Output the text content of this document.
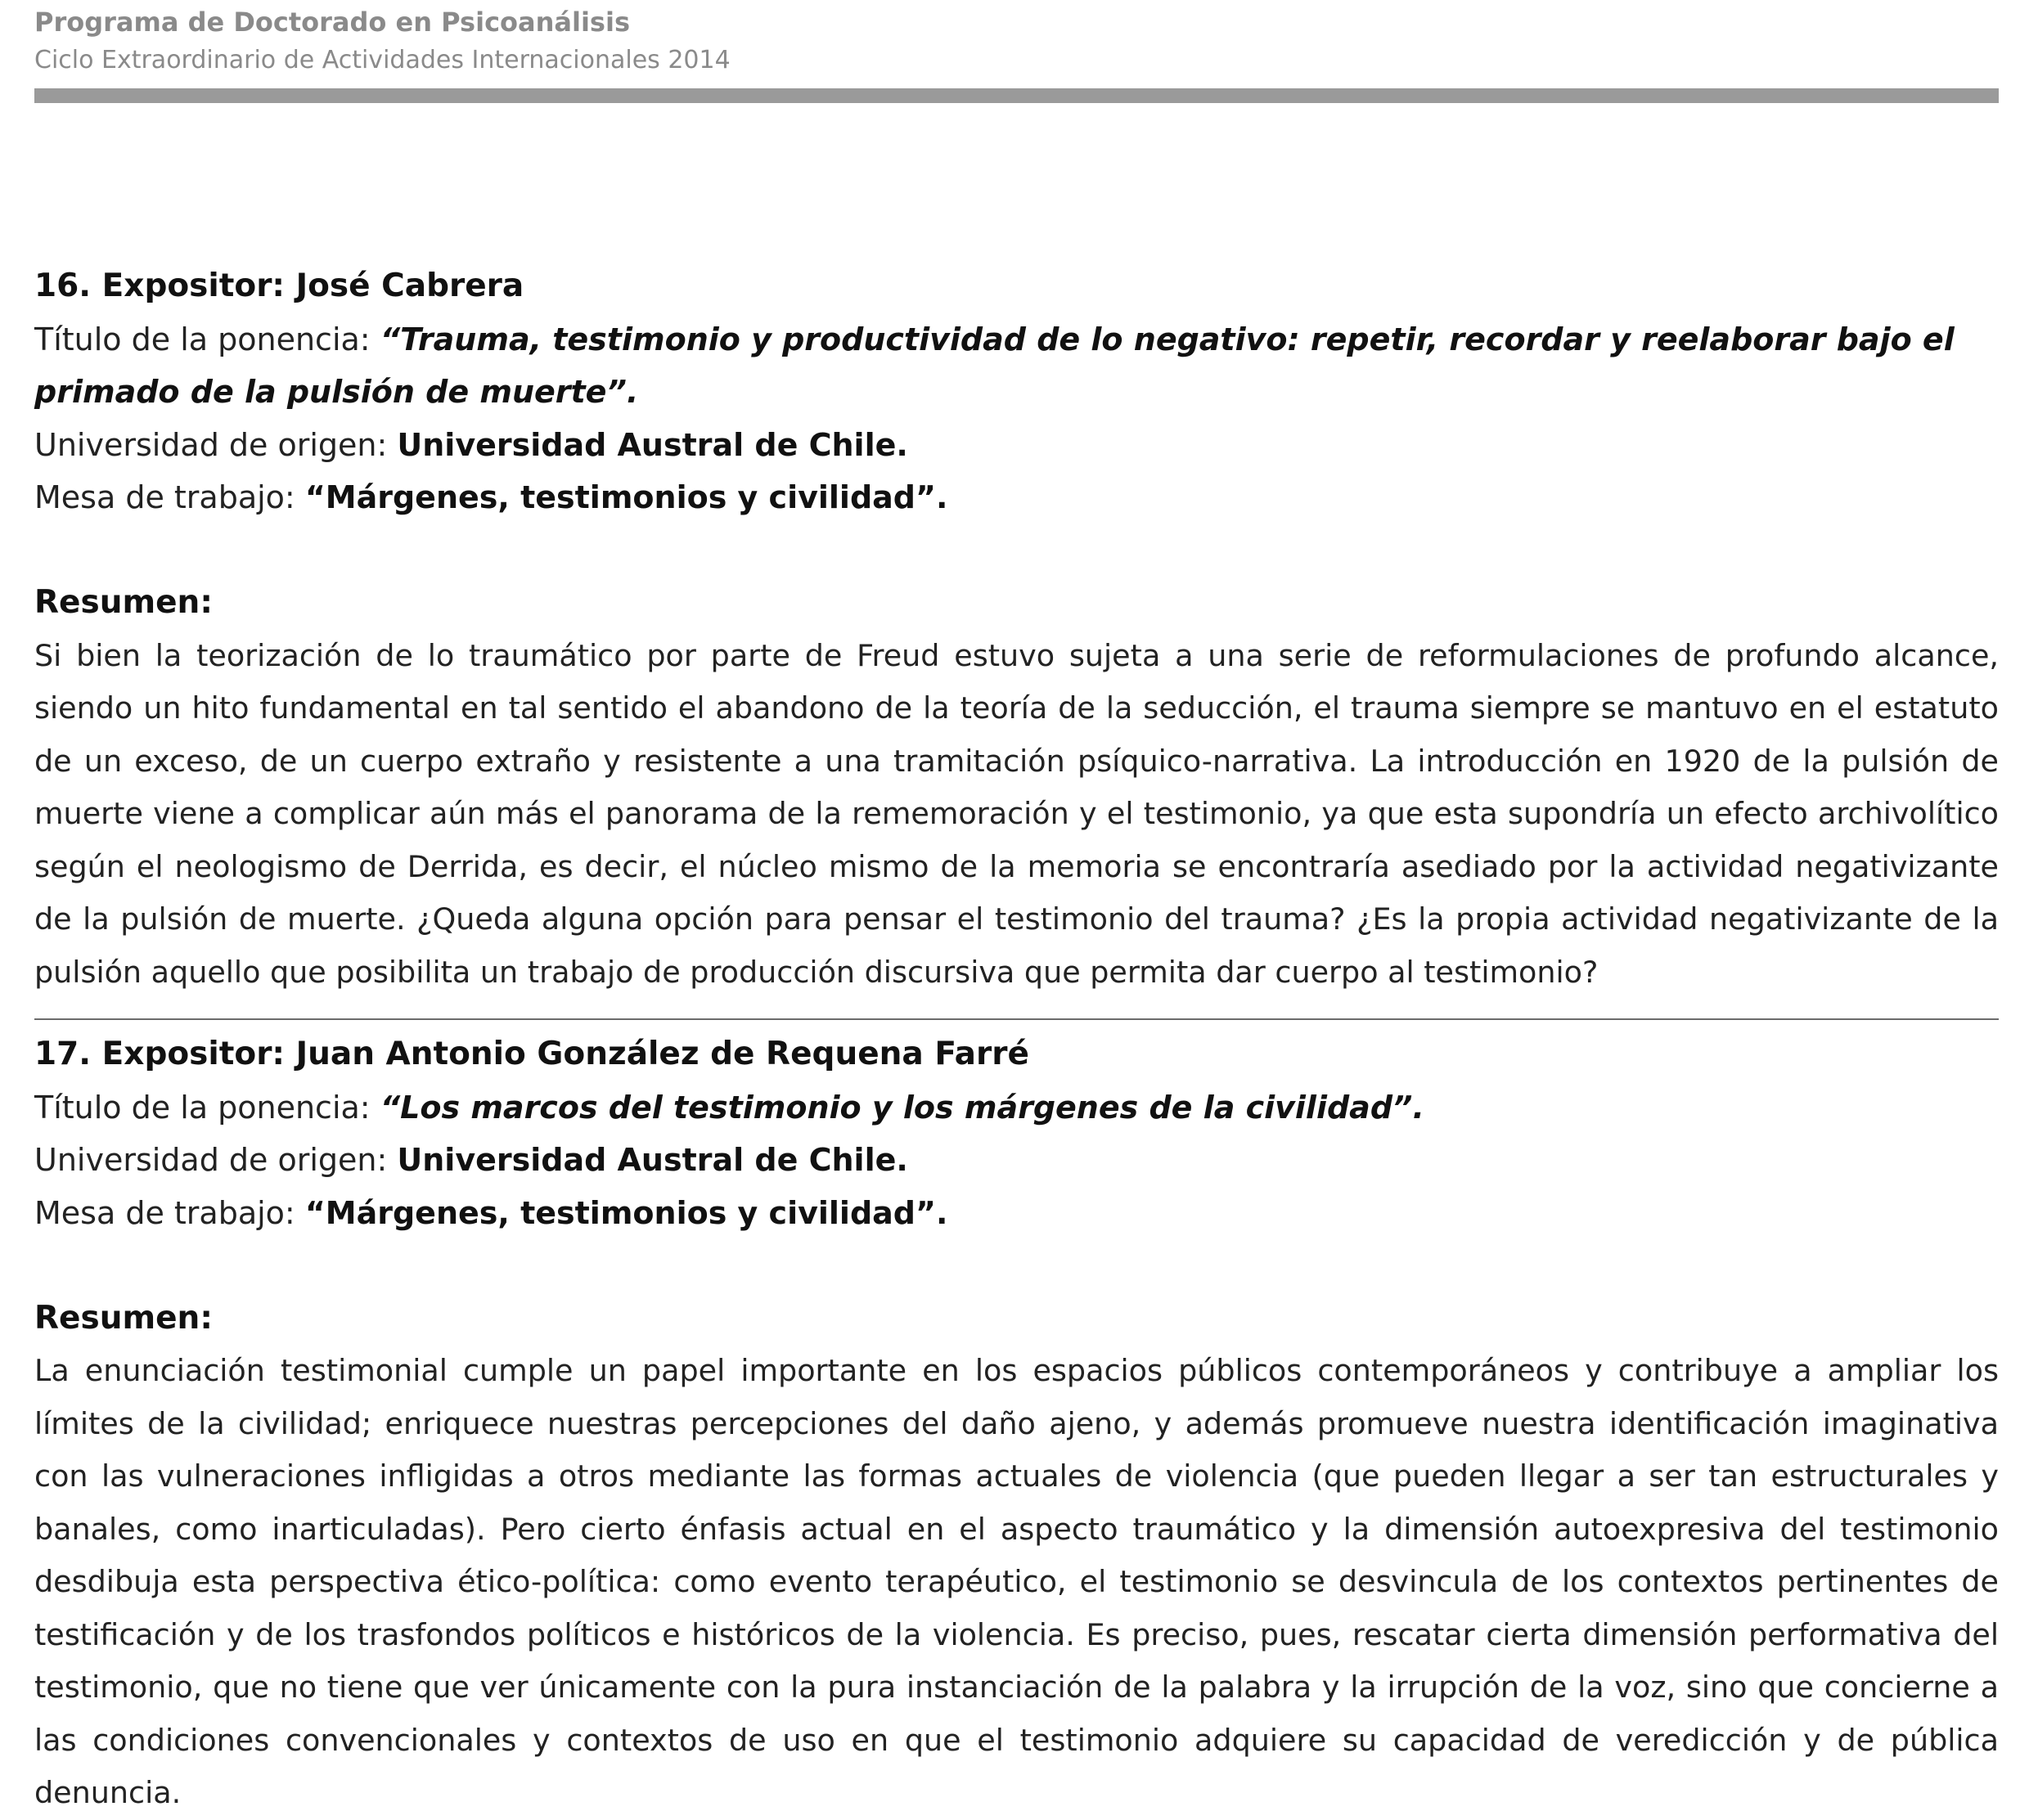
Programa de Doctorado en Psicoanálisis
Ciclo Extraordinario de Actividades Internacionales 2014

16. Expositor: José Cabrera

Título de la ponencia: “Trauma, testimonio y productividad de lo negativo: repetir, recordar y reelaborar bajo el primado de la pulsión de muerte”.

Universidad de origen: Universidad Austral de Chile.

Mesa de trabajo: “Márgenes, testimonios y civilidad”.

Resumen:

Si bien la teorización de lo traumático por parte de Freud estuvo sujeta a una serie de reformulaciones de profundo alcance, siendo un hito fundamental en tal sentido el abandono de la teoría de la seducción, el trauma siempre se mantuvo en el estatuto de un exceso, de un cuerpo extraño y resistente a una tramitación psíquico-narrativa. La introducción en 1920 de la pulsión de muerte viene a complicar aún más el panorama de la rememoración y el testimonio, ya que esta supondría un efecto archivolítico según el neologismo de Derrida, es decir, el núcleo mismo de la memoria se encontraría asediado por la actividad negativizante de la pulsión de muerte. ¿Queda alguna opción para pensar el testimonio del trauma? ¿Es la propia actividad negativizante de la pulsión aquello que posibilita un trabajo de producción discursiva que permita dar cuerpo al testimonio?

17. Expositor: Juan Antonio González de Requena Farré

Título de la ponencia: “Los marcos del testimonio y los márgenes de la civilidad”.

Universidad de origen: Universidad Austral de Chile.

Mesa de trabajo: “Márgenes, testimonios y civilidad”.

Resumen:

La enunciación testimonial cumple un papel importante en los espacios públicos contemporáneos y contribuye a ampliar los límites de la civilidad; enriquece nuestras percepciones del daño ajeno, y además promueve nuestra identificación imaginativa con las vulneraciones infligidas a otros mediante las formas actuales de violencia (que pueden llegar a ser tan estructurales y banales, como inarticuladas). Pero cierto énfasis actual en el aspecto traumático y la dimensión autoexpresiva del testimonio desdibuja esta perspectiva ético-política: como evento terapéutico, el testimonio se desvincula de los contextos pertinentes de testificación y de los trasfondos políticos e históricos de la violencia. Es preciso, pues, rescatar cierta dimensión performativa del testimonio, que no tiene que ver únicamente con la pura instanciación de la palabra y la irrupción de la voz, sino que concierne a las condiciones convencionales y contextos de uso en que el testimonio adquiere su capacidad de veredicción y de pública denuncia.
